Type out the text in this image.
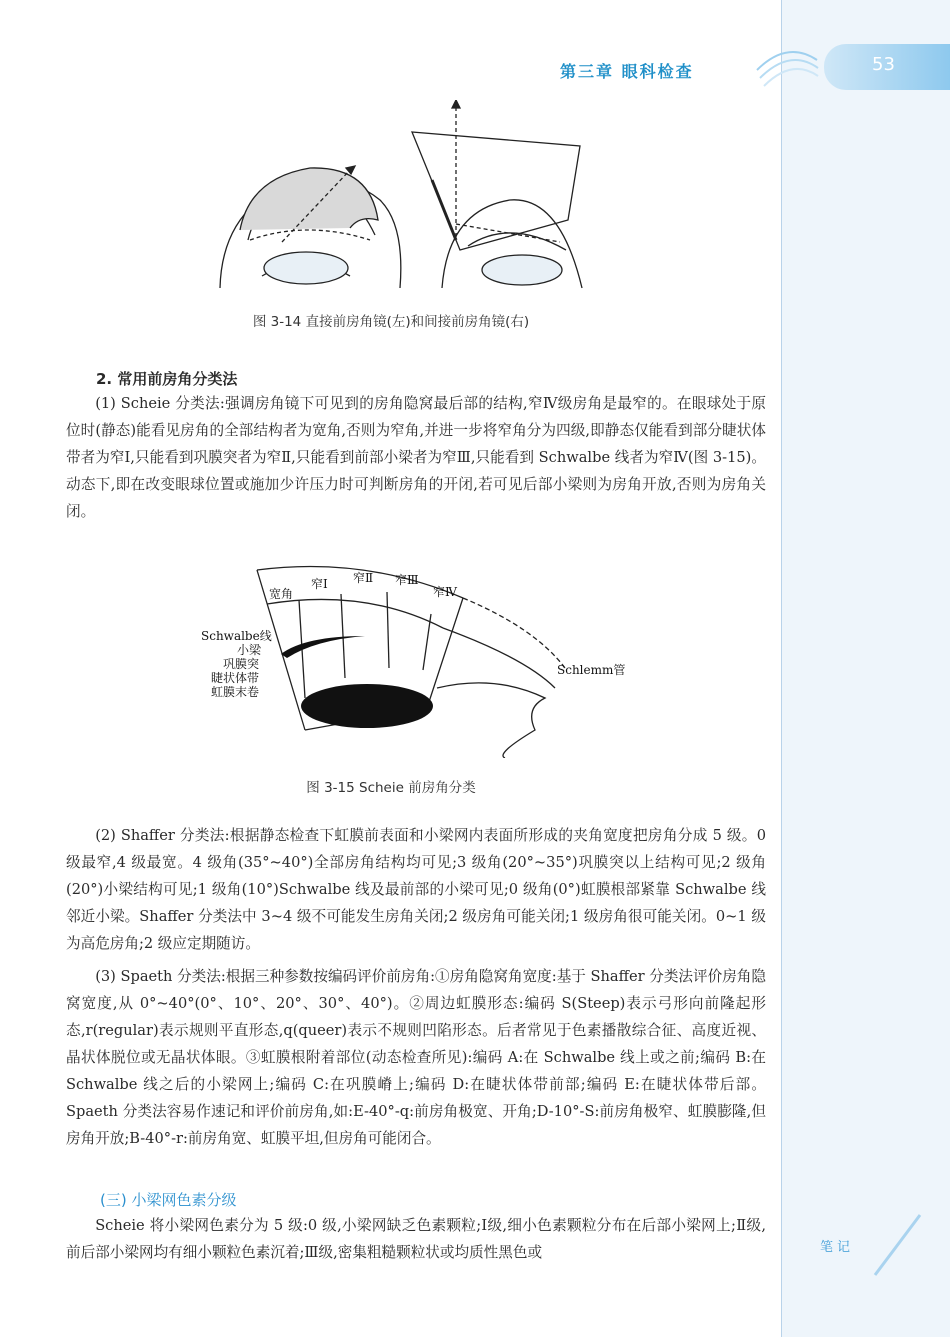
第三章 眼科检查	53
图 3-14 直接前房角镜(左)和间接前房角镜(右)
2. 常用前房角分类法

(1) Scheie 分类法:强调房角镜下可见到的房角隐窝最后部的结构,窄Ⅳ级房角是最窄的。在眼球处于原位时(静态)能看见房角的全部结构者为宽角,否则为窄角,并进一步将窄角分为四级,即静态仅能看到部分睫状体带者为窄Ⅰ,只能看到巩膜突者为窄Ⅱ,只能看到前部小梁者为窄Ⅲ,只能看到 Schwalbe 线者为窄Ⅳ(图 3-15)。动态下,即在改变眼球位置或施加少许压力时可判断房角的开闭,若可见后部小梁则为房角开放,否则为房角关闭。

宽角
窄Ⅰ 窄Ⅱ 窄Ⅲ
窄Ⅳ
Schwalbe线
小梁
巩膜突
睫状体带
虹膜末卷
Schlemm管
图 3-15 Scheie 前房角分类

(2) Shaffer 分类法:根据静态检查下虹膜前表面和小梁网内表面所形成的夹角宽度把房角分成 5 级。0 级最窄,4 级最宽。4 级角(35°~40°)全部房角结构均可见;3 级角(20°~35°)巩膜突以上结构可见;2 级角(20°)小梁结构可见;1 级角(10°)Schwalbe 线及最前部的小梁可见;0 级角(0°)虹膜根部紧靠 Schwalbe 线邻近小梁。Shaffer 分类法中 3~4 级不可能发生房角关闭;2 级房角可能关闭;1 级房角很可能关闭。0~1 级为高危房角;2 级应定期随访。

(3) Spaeth 分类法:根据三种参数按编码评价前房角:①房角隐窝角宽度:基于 Shaffer 分类法评价房角隐窝宽度,从 0°~40°(0°、10°、20°、30°、40°)。②周边虹膜形态:编码 S(Steep)表示弓形向前隆起形态,r(regular)表示规则平直形态,q(queer)表示不规则凹陷形态。后者常见于色素播散综合征、高度近视、晶状体脱位或无晶状体眼。③虹膜根附着部位(动态检查所见):编码 A:在 Schwalbe 线上或之前;编码 B:在 Schwalbe 线之后的小梁网上;编码 C:在巩膜嵴上;编码 D:在睫状体带前部;编码 E:在睫状体带后部。Spaeth 分类法容易作速记和评价前房角,如:E-40°-q:前房角极宽、开角;D-10°-S:前房角极窄、虹膜膨隆,但房角开放;B-40°-r:前房角宽、虹膜平坦,但房角可能闭合。

(三) 小梁网色素分级

Scheie 将小梁网色素分为 5 级:0 级,小梁网缺乏色素颗粒;Ⅰ级,细小色素颗粒分布在后部小梁网上;Ⅱ级,前后部小梁网均有细小颗粒色素沉着;Ⅲ级,密集粗糙颗粒状或均质性黑色或	笔记
